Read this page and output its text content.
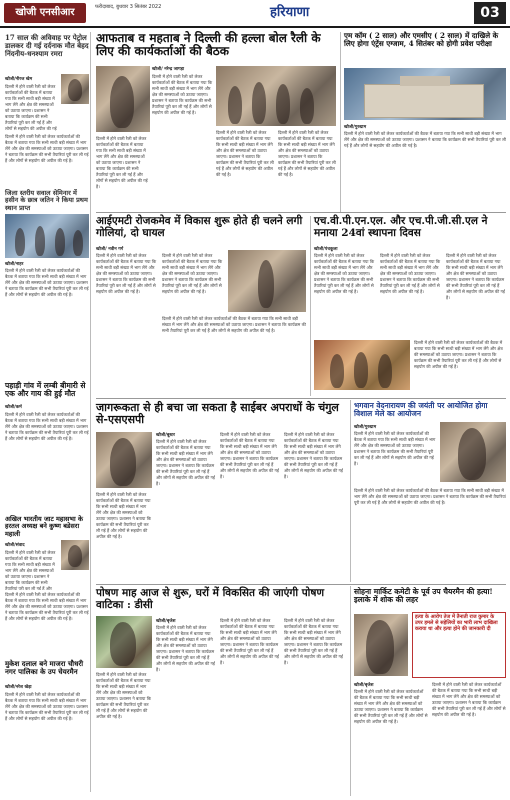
खोजी एनसीआर	फरीदाबाद, बुधवार 3 सितंबर 2022	हरियाणा	03
17 साल की अविवाह पर पेट्रोल डालकर दी गई दर्दनाक मौत बेहद निंदनीय-धनश्याम रमरा
खोजी/नीरज खेम
दिल्ली में होने वाली रैली को लेकर कार्यकर्ताओं की बैठक में बताया गया कि सभी साथी बड़ी संख्या में भाग लेंगे और क्षेत्र की समस्याओं को उठाया जाएगा। प्रशासन ने बताया कि कार्यक्रम की सभी तैयारियां पूरी कर ली गई हैं और लोगों से सहयोग की अपील की गई
दिल्ली में होने वाली रैली को लेकर कार्यकर्ताओं की बैठक में बताया गया कि सभी साथी बड़ी संख्या में भाग लेंगे और क्षेत्र की समस्याओं को उठाया जाएगा। प्रशासन ने बताया कि कार्यक्रम की सभी तैयारियां पूरी कर ली गई हैं और लोगों से सहयोग की अपील की गई है।
जिला स्तरीय सवाल सेमिनार में हसीन के छात्र जतिन ने किया प्रथम स्थान प्राप्त
खोजी/नाहर
दिल्ली में होने वाली रैली को लेकर कार्यकर्ताओं की बैठक में बताया गया कि सभी साथी बड़ी संख्या में भाग लेंगे और क्षेत्र की समस्याओं को उठाया जाएगा। प्रशासन ने बताया कि कार्यक्रम की सभी तैयारियां पूरी कर ली गई हैं और लोगों से सहयोग की अपील की गई है।
पहाड़ी गांव में लम्बी बीमारी से एक और गाय की हुई मौत
खोजी/कर्म
दिल्ली में होने वाली रैली को लेकर कार्यकर्ताओं की बैठक में बताया गया कि सभी साथी बड़ी संख्या में भाग लेंगे और क्षेत्र की समस्याओं को उठाया जाएगा। प्रशासन ने बताया कि कार्यक्रम की सभी तैयारियां पूरी कर ली गई हैं और लोगों से सहयोग की अपील की गई है।
अखिल भारतीय जाट महासभा के हरतल अध्यक्ष बने कुष्ण बडेसरा महाली
खोजी/संवाद
दिल्ली में होने वाली रैली को लेकर कार्यकर्ताओं की बैठक में बताया गया कि सभी साथी बड़ी संख्या में भाग लेंगे और क्षेत्र की समस्याओं को उठाया जाएगा। प्रशासन ने बताया कि कार्यक्रम की सभी तैयारियां पूरी कर ली गई हैं और
दिल्ली में होने वाली रैली को लेकर कार्यकर्ताओं की बैठक में बताया गया कि सभी साथी बड़ी संख्या में भाग लेंगे और क्षेत्र की समस्याओं को उठाया जाएगा। प्रशासन ने बताया कि कार्यक्रम की सभी तैयारियां पूरी कर ली गई हैं और लोगों से सहयोग की अपील की गई है।
मुकेश दलाल बने माजरा चौधरी नगर पालिका के उप चेयरमैन
खोजी/नरेश खेड़ा
दिल्ली में होने वाली रैली को लेकर कार्यकर्ताओं की बैठक में बताया गया कि सभी साथी बड़ी संख्या में भाग लेंगे और क्षेत्र की समस्याओं को उठाया जाएगा। प्रशासन ने बताया कि कार्यक्रम की सभी तैयारियां पूरी कर ली गई हैं और लोगों से सहयोग की अपील की गई है।
आफताब व महताब ने दिल्ली की हल्ला बोल रैली के लिए की कार्यकर्ताओं की बैठक
खोजी/ नरेन्द्र जागड़ा
दिल्ली में होने वाली रैली को लेकर कार्यकर्ताओं की बैठक में बताया गया कि सभी साथी बड़ी संख्या में भाग लेंगे और क्षेत्र की समस्याओं को उठाया जाएगा। प्रशासन ने बताया कि कार्यक्रम की सभी तैयारियां पूरी कर ली गई हैं और लोगों से सहयोग की अपील की गई है।
दिल्ली में होने वाली रैली को लेकर कार्यकर्ताओं की बैठक में बताया गया कि सभी साथी बड़ी संख्या में भाग लेंगे और क्षेत्र की समस्याओं को उठाया जाएगा। प्रशासन ने बताया कि कार्यक्रम की सभी तैयारियां पूरी कर ली गई हैं और लोगों से सहयोग की अपील की गई है।
दिल्ली में होने वाली रैली को लेकर कार्यकर्ताओं की बैठक में बताया गया कि सभी साथी बड़ी संख्या में भाग लेंगे और क्षेत्र की समस्याओं को उठाया जाएगा। प्रशासन ने बताया कि कार्यक्रम की सभी तैयारियां पूरी कर ली गई हैं और लोगों से सहयोग की अपील की गई है।
दिल्ली में होने वाली रैली को लेकर कार्यकर्ताओं की बैठक में बताया गया कि सभी साथी बड़ी संख्या में भाग लेंगे और क्षेत्र की समस्याओं को उठाया जाएगा। प्रशासन ने बताया कि कार्यक्रम की सभी तैयारियां पूरी कर ली गई हैं और लोगों से सहयोग की अपील की गई है।
एम कॉम ( 2 साल) और एमसीए ( 2 साल) में दाखिले के लिए होगा एंट्रेंस एग्जाम, 4 सितंबर को होगी प्रवेश परीक्षा
खोजी/गुरुग्राम
दिल्ली में होने वाली रैली को लेकर कार्यकर्ताओं की बैठक में बताया गया कि सभी साथी बड़ी संख्या में भाग लेंगे और क्षेत्र की समस्याओं को उठाया जाएगा। प्रशासन ने बताया कि कार्यक्रम की सभी तैयारियां पूरी कर ली गई हैं और लोगों से सहयोग की अपील की गई है।
आईएमटी रोजकमेव में विकास शुरू होते ही चलने लगी गोलियां, दो घायल
खोजी/ नवीन गर्ग
दिल्ली में होने वाली रैली को लेकर कार्यकर्ताओं की बैठक में बताया गया कि सभी साथी बड़ी संख्या में भाग लेंगे और क्षेत्र की समस्याओं को उठाया जाएगा। प्रशासन ने बताया कि कार्यक्रम की सभी तैयारियां पूरी कर ली गई हैं और लोगों से सहयोग की अपील की गई है।
दिल्ली में होने वाली रैली को लेकर कार्यकर्ताओं की बैठक में बताया गया कि सभी साथी बड़ी संख्या में भाग लेंगे और क्षेत्र की समस्याओं को उठाया जाएगा। प्रशासन ने बताया कि कार्यक्रम की सभी तैयारियां पूरी कर ली गई हैं और लोगों से सहयोग की अपील की गई है।
दिल्ली में होने वाली रैली को लेकर कार्यकर्ताओं की बैठक में बताया गया कि सभी साथी बड़ी संख्या में भाग लेंगे और क्षेत्र की समस्याओं को उठाया जाएगा। प्रशासन ने बताया कि कार्यक्रम की सभी तैयारियां पूरी कर ली गई हैं और लोगों से सहयोग की अपील की गई है।
एच.वी.पी.एन.एल. और एच.पी.जी.सी.एल ने मनाया 24वां स्थापना दिवस
खोजी/पंचकूला
दिल्ली में होने वाली रैली को लेकर कार्यकर्ताओं की बैठक में बताया गया कि सभी साथी बड़ी संख्या में भाग लेंगे और क्षेत्र की समस्याओं को उठाया जाएगा। प्रशासन ने बताया कि कार्यक्रम की सभी तैयारियां पूरी कर ली गई हैं और लोगों से सहयोग की अपील की गई है।
दिल्ली में होने वाली रैली को लेकर कार्यकर्ताओं की बैठक में बताया गया कि सभी साथी बड़ी संख्या में भाग लेंगे और क्षेत्र की समस्याओं को उठाया जाएगा। प्रशासन ने बताया कि कार्यक्रम की सभी तैयारियां पूरी कर ली गई हैं और लोगों से सहयोग की अपील की गई है।
दिल्ली में होने वाली रैली को लेकर कार्यकर्ताओं की बैठक में बताया गया कि सभी साथी बड़ी संख्या में भाग लेंगे और क्षेत्र की समस्याओं को उठाया जाएगा। प्रशासन ने बताया कि कार्यक्रम की सभी तैयारियां पूरी कर ली गई हैं और लोगों से सहयोग की अपील की गई है।
दिल्ली में होने वाली रैली को लेकर कार्यकर्ताओं की बैठक में बताया गया कि सभी साथी बड़ी संख्या में भाग लेंगे और क्षेत्र की समस्याओं को उठाया जाएगा। प्रशासन ने बताया कि कार्यक्रम की सभी तैयारियां पूरी कर ली गई हैं और लोगों से सहयोग की अपील की गई है।
जागरूकता से ही बचा जा सकता है साईबर अपराधों के चंगुल से-एसएसपी
खोजी/बूस्टर
दिल्ली में होने वाली रैली को लेकर कार्यकर्ताओं की बैठक में बताया गया कि सभी साथी बड़ी संख्या में भाग लेंगे और क्षेत्र की समस्याओं को उठाया जाएगा। प्रशासन ने बताया कि कार्यक्रम की सभी तैयारियां पूरी कर ली गई हैं और लोगों से सहयोग की अपील की गई है।
दिल्ली में होने वाली रैली को लेकर कार्यकर्ताओं की बैठक में बताया गया कि सभी साथी बड़ी संख्या में भाग लेंगे और क्षेत्र की समस्याओं को उठाया जाएगा। प्रशासन ने बताया कि कार्यक्रम की सभी तैयारियां पूरी कर ली गई हैं और लोगों से सहयोग की अपील की गई है।
दिल्ली में होने वाली रैली को लेकर कार्यकर्ताओं की बैठक में बताया गया कि सभी साथी बड़ी संख्या में भाग लेंगे और क्षेत्र की समस्याओं को उठाया जाएगा। प्रशासन ने बताया कि कार्यक्रम की सभी तैयारियां पूरी कर ली गई हैं और लोगों से सहयोग की अपील की गई है।
दिल्ली में होने वाली रैली को लेकर कार्यकर्ताओं की बैठक में बताया गया कि सभी साथी बड़ी संख्या में भाग लेंगे और क्षेत्र की समस्याओं को उठाया जाएगा। प्रशासन ने बताया कि कार्यक्रम की सभी तैयारियां पूरी कर ली गई हैं और लोगों से सहयोग की अपील की गई है।
भगवान वेदनारायण की जयंती पर आयोजित होगा विशाल मेले का आयोजन
खोजी/गुरुग्राम
दिल्ली में होने वाली रैली को लेकर कार्यकर्ताओं की बैठक में बताया गया कि सभी साथी बड़ी संख्या में भाग लेंगे और क्षेत्र की समस्याओं को उठाया जाएगा। प्रशासन ने बताया कि कार्यक्रम की सभी तैयारियां पूरी कर ली गई हैं और लोगों से सहयोग की अपील की गई है।
दिल्ली में होने वाली रैली को लेकर कार्यकर्ताओं की बैठक में बताया गया कि सभी साथी बड़ी संख्या में भाग लेंगे और क्षेत्र की समस्याओं को उठाया जाएगा। प्रशासन ने बताया कि कार्यक्रम की सभी तैयारियां पूरी कर ली गई हैं और लोगों से सहयोग की अपील की गई है।
पोषण माह आज से शुरू, घरों में विकसित की जाएंगी पोषण वाटिका : डीसी
खोजी/बृजेश
दिल्ली में होने वाली रैली को लेकर कार्यकर्ताओं की बैठक में बताया गया कि सभी साथी बड़ी संख्या में भाग लेंगे और क्षेत्र की समस्याओं को उठाया जाएगा। प्रशासन ने बताया कि कार्यक्रम की सभी तैयारियां पूरी कर ली गई हैं और लोगों से सहयोग की अपील की गई है।
दिल्ली में होने वाली रैली को लेकर कार्यकर्ताओं की बैठक में बताया गया कि सभी साथी बड़ी संख्या में भाग लेंगे और क्षेत्र की समस्याओं को उठाया जाएगा। प्रशासन ने बताया कि कार्यक्रम की सभी तैयारियां पूरी कर ली गई हैं और लोगों से सहयोग की अपील की गई है।
दिल्ली में होने वाली रैली को लेकर कार्यकर्ताओं की बैठक में बताया गया कि सभी साथी बड़ी संख्या में भाग लेंगे और क्षेत्र की समस्याओं को उठाया जाएगा। प्रशासन ने बताया कि कार्यक्रम की सभी तैयारियां पूरी कर ली गई हैं और लोगों से सहयोग की अपील की गई है।
दिल्ली में होने वाली रैली को लेकर कार्यकर्ताओं की बैठक में बताया गया कि सभी साथी बड़ी संख्या में भाग लेंगे और क्षेत्र की समस्याओं को उठाया जाएगा। प्रशासन ने बताया कि कार्यक्रम की सभी तैयारियां पूरी कर ली गई हैं और लोगों से सहयोग की अपील की गई है।
सोहना मार्किट कमेटी के पूर्व उप चैयरमैन की हत्या! इलाके में शोक की लहर
हत्या के आरोप तेज में तैनाती राज कुमार के उपर हमले से सहेलियों का भारी लाभ दाखिला कराया था और हत्या होने की जानकारी दी
खोजी/बृजेश
दिल्ली में होने वाली रैली को लेकर कार्यकर्ताओं की बैठक में बताया गया कि सभी साथी बड़ी संख्या में भाग लेंगे और क्षेत्र की समस्याओं को उठाया जाएगा। प्रशासन ने बताया कि कार्यक्रम की सभी तैयारियां पूरी कर ली गई हैं और लोगों से सहयोग की अपील की गई है।
दिल्ली में होने वाली रैली को लेकर कार्यकर्ताओं की बैठक में बताया गया कि सभी साथी बड़ी संख्या में भाग लेंगे और क्षेत्र की समस्याओं को उठाया जाएगा। प्रशासन ने बताया कि कार्यक्रम की सभी तैयारियां पूरी कर ली गई हैं और लोगों से सहयोग की अपील की गई है।
